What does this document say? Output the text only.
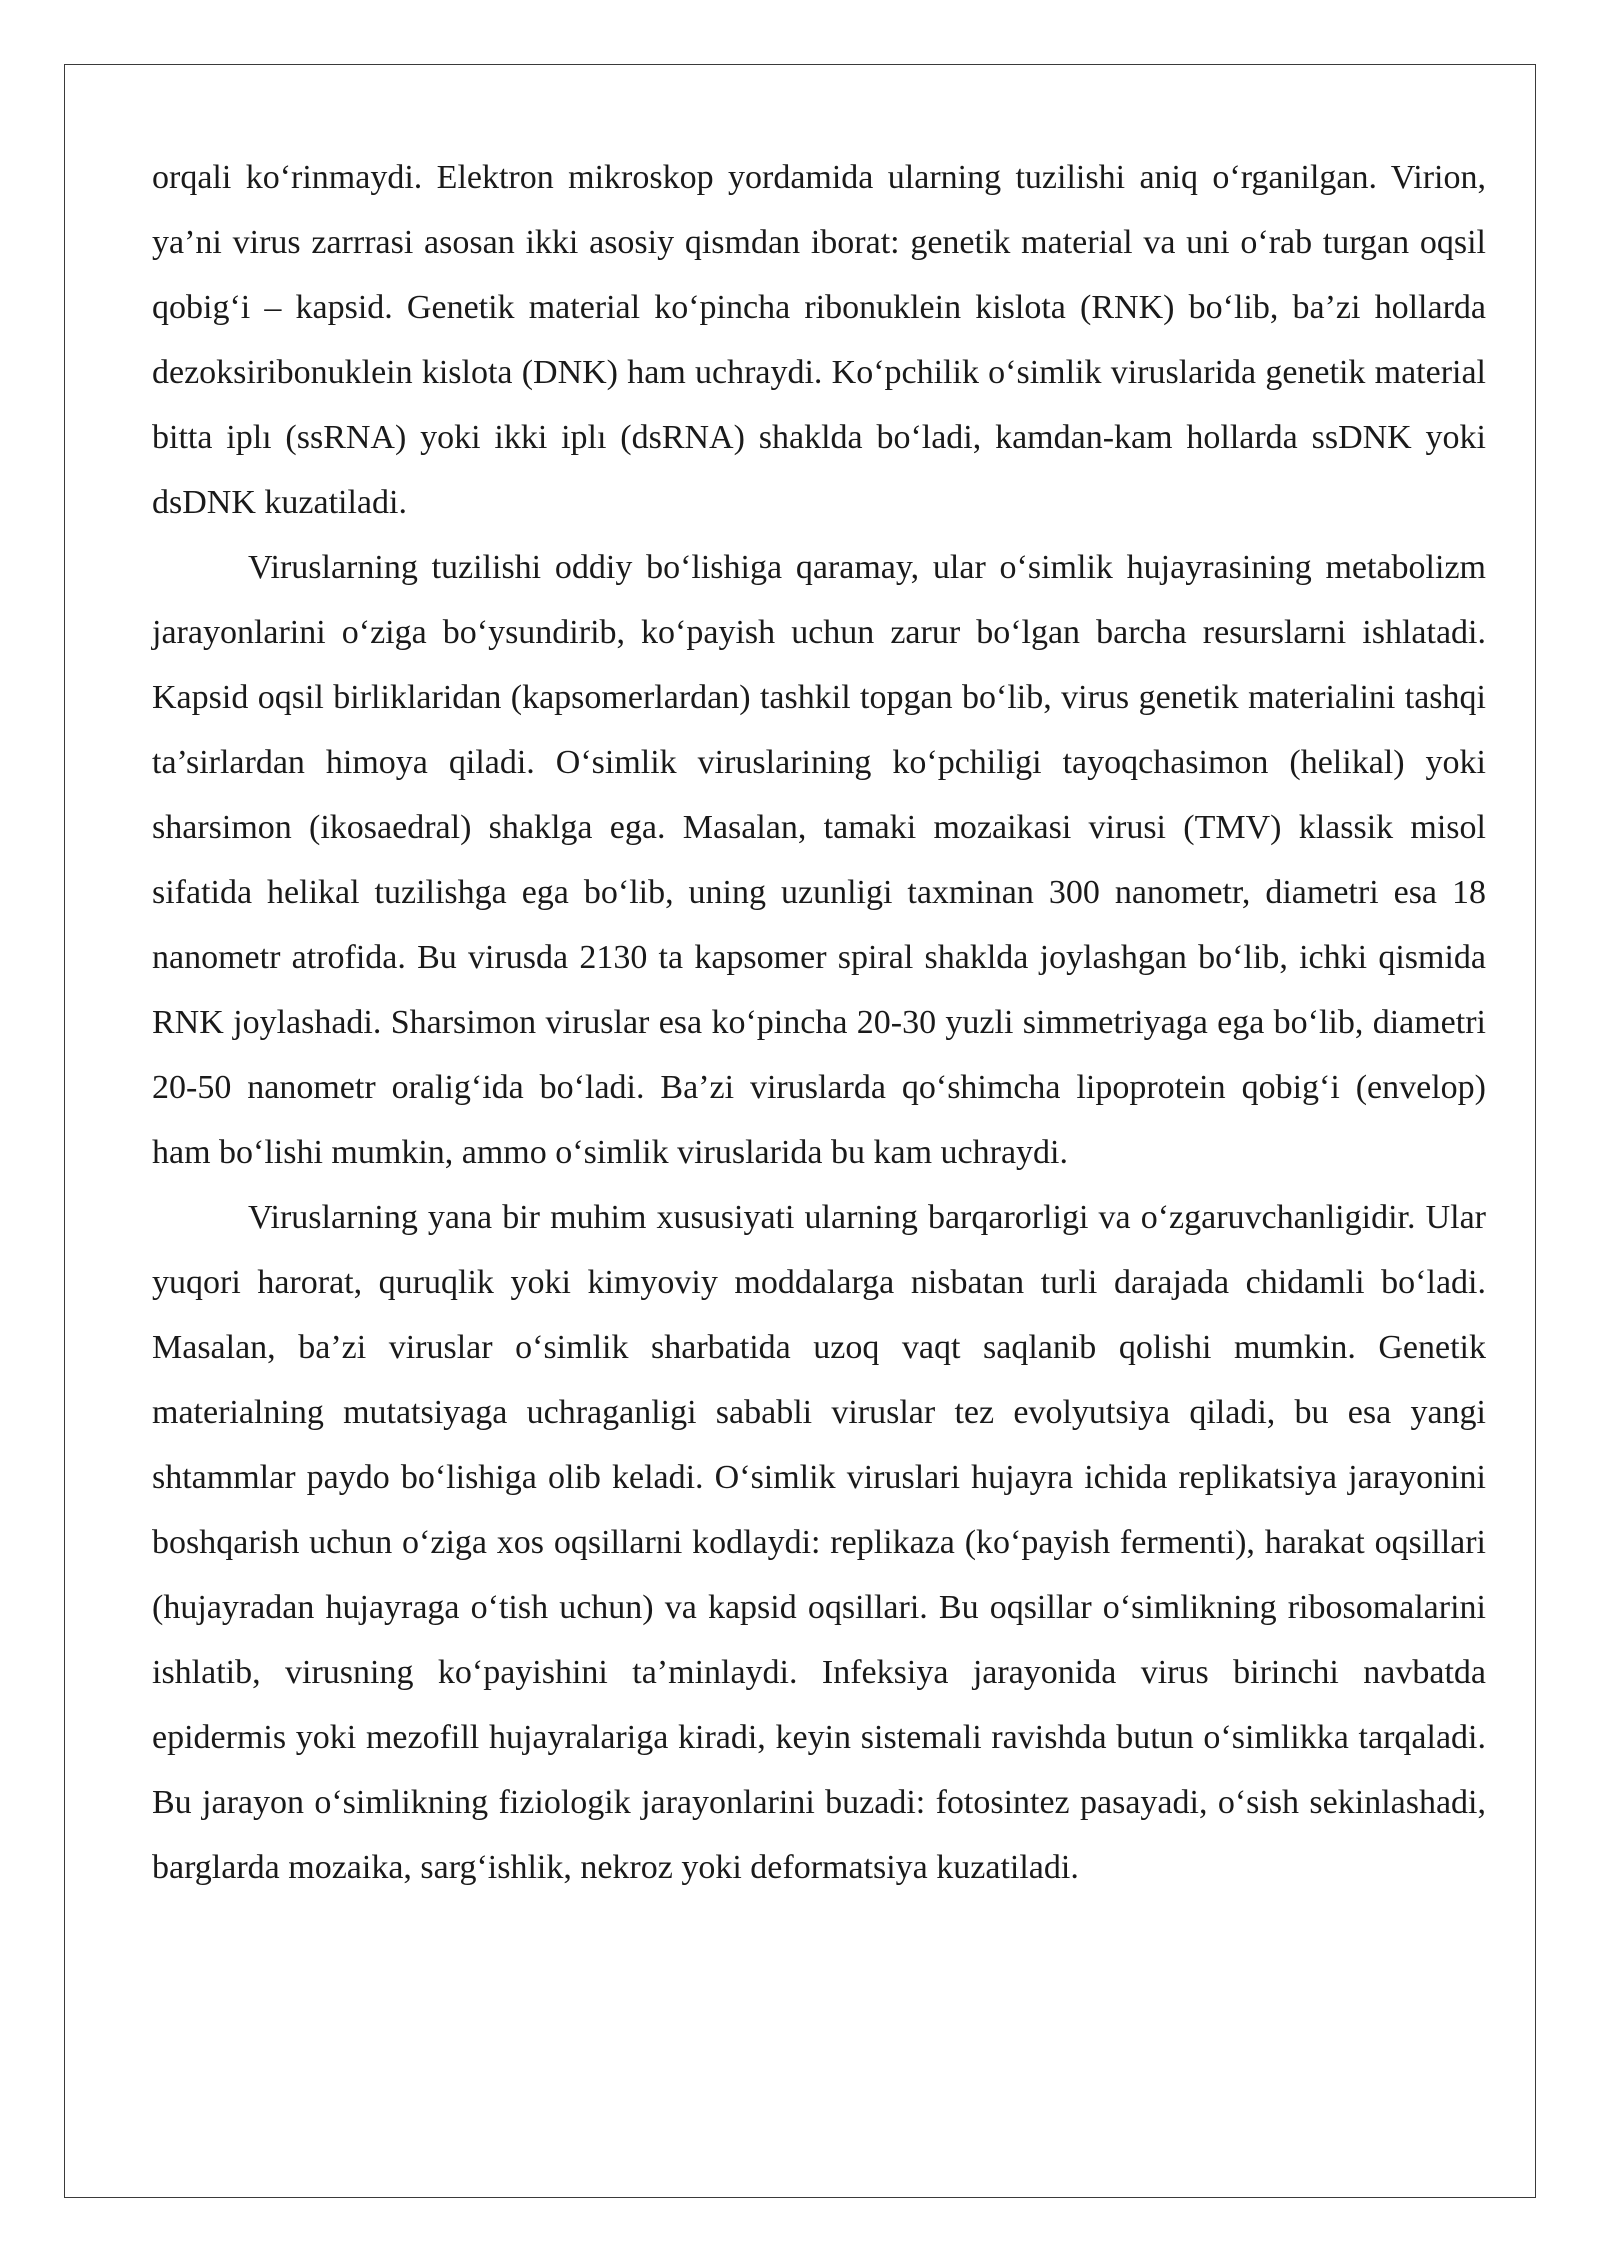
orqali ko‘rinmaydi. Elektron mikroskop yordamida ularning tuzilishi aniq o‘rganilgan. Virion, ya’ni virus zarrrasi asosan ikki asosiy qismdan iborat: genetik material va uni o‘rab turgan oqsil qobig‘i – kapsid. Genetik material ko‘pincha ribonuklein kislota (RNK) bo‘lib, ba’zi hollarda dezoksiribonuklein kislota (DNK) ham uchraydi. Ko‘pchilik o‘simlik viruslarida genetik material bitta iplı (ssRNA) yoki ikki iplı (dsRNA) shaklda bo‘ladi, kamdan-kam hollarda ssDNK yoki dsDNK kuzatiladi.

Viruslarning tuzilishi oddiy bo‘lishiga qaramay, ular o‘simlik hujayrasining metabolizm jarayonlarini o‘ziga bo‘ysundirib, ko‘payish uchun zarur bo‘lgan barcha resurslarni ishlatadi. Kapsid oqsil birliklaridan (kapsomerlardan) tashkil topgan bo‘lib, virus genetik materialini tashqi ta’sirlardan himoya qiladi. O‘simlik viruslarining ko‘pchiligi tayoqchasimon (helikal) yoki sharsimon (ikosaedral) shaklga ega. Masalan, tamaki mozaikasi virusi (TMV) klassik misol sifatida helikal tuzilishga ega bo‘lib, uning uzunligi taxminan 300 nanometr, diametri esa 18 nanometr atrofida. Bu virusda 2130 ta kapsomer spiral shaklda joylashgan bo‘lib, ichki qismida RNK joylashadi. Sharsimon viruslar esa ko‘pincha 20-30 yuzli simmetriyaga ega bo‘lib, diametri 20-50 nanometr oralig‘ida bo‘ladi. Ba’zi viruslarda qo‘shimcha lipoprotein qobig‘i (envelop) ham bo‘lishi mumkin, ammo o‘simlik viruslarida bu kam uchraydi.

Viruslarning yana bir muhim xususiyati ularning barqarorligi va o‘zgaruvchanligidir. Ular yuqori harorat, quruqlik yoki kimyoviy moddalarga nisbatan turli darajada chidamli bo‘ladi. Masalan, ba’zi viruslar o‘simlik sharbatida uzoq vaqt saqlanib qolishi mumkin. Genetik materialning mutatsiyaga uchraganligi sababli viruslar tez evolyutsiya qiladi, bu esa yangi shtammlar paydo bo‘lishiga olib keladi. O‘simlik viruslari hujayra ichida replikatsiya jarayonini boshqarish uchun o‘ziga xos oqsillarni kodlaydi: replikaza (ko‘payish fermenti), harakat oqsillari (hujayradan hujayraga o‘tish uchun) va kapsid oqsillari. Bu oqsillar o‘simlikning ribosomalarini ishlatib, virusning ko‘payishini ta’minlaydi. Infeksiya jarayonida virus birinchi navbatda epidermis yoki mezofill hujayralariga kiradi, keyin sistemali ravishda butun o‘simlikka tarqaladi. Bu jarayon o‘simlikning fiziologik jarayonlarini buzadi: fotosintez pasayadi, o‘sish sekinlashadi, barglarda mozaika, sarg‘ishlik, nekroz yoki deformatsiya kuzatiladi.
